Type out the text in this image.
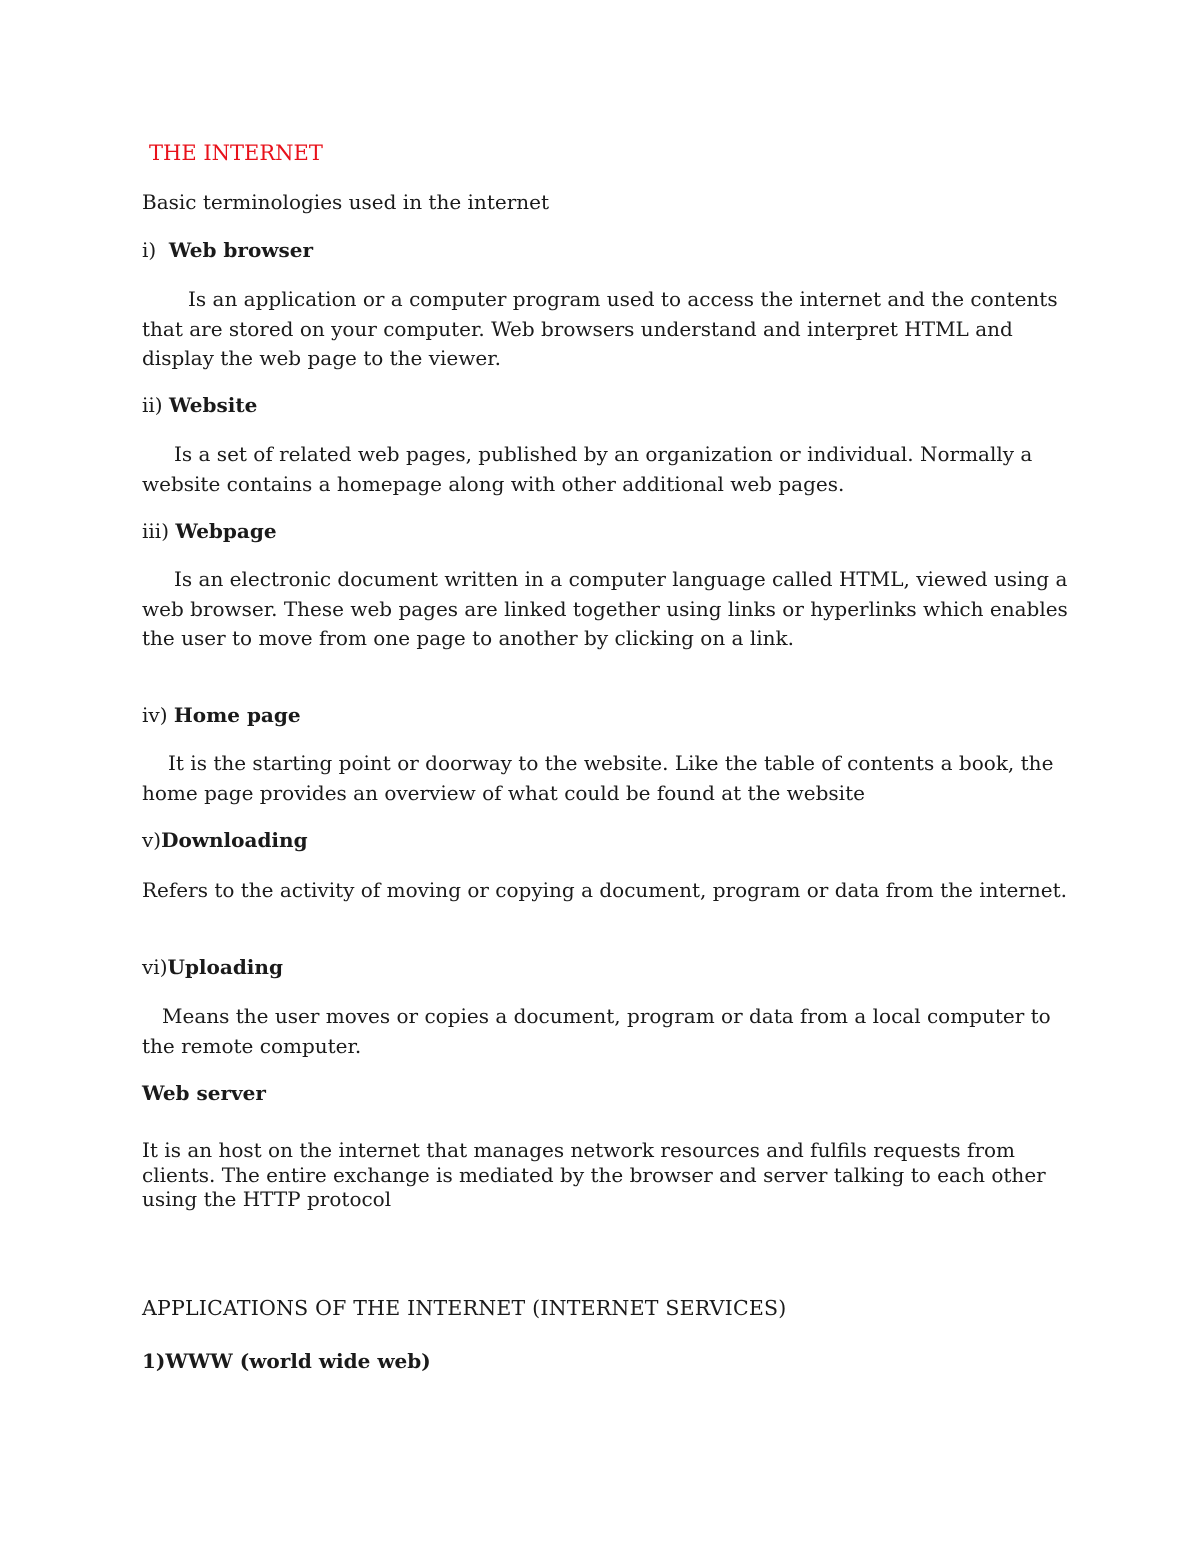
THE INTERNET

Basic terminologies used in the internet

i) Web browser

Is an application or a computer program used to access the internet and the contents that are stored on your computer. Web browsers understand and interpret HTML and display the web page to the viewer.

ii) Website

Is a set of related web pages, published by an organization or individual. Normally a website contains a homepage along with other additional web pages.

iii) Webpage

Is an electronic document written in a computer language called HTML, viewed using a web browser. These web pages are linked together using links or hyperlinks which enables the user to move from one page to another by clicking on a link.

iv) Home page

It is the starting point or doorway to the website. Like the table of contents a book, the home page provides an overview of what could be found at the website

v)Downloading

Refers to the activity of moving or copying a document, program or data from the internet.

vi)Uploading

Means the user moves or copies a document, program or data from a local computer to the remote computer.

Web server

It is an host on the internet that manages network resources and fulfils requests from clients. The entire exchange is mediated by the browser and server talking to each other using the HTTP protocol

APPLICATIONS OF THE INTERNET (INTERNET SERVICES)

1)WWW (world wide web)
